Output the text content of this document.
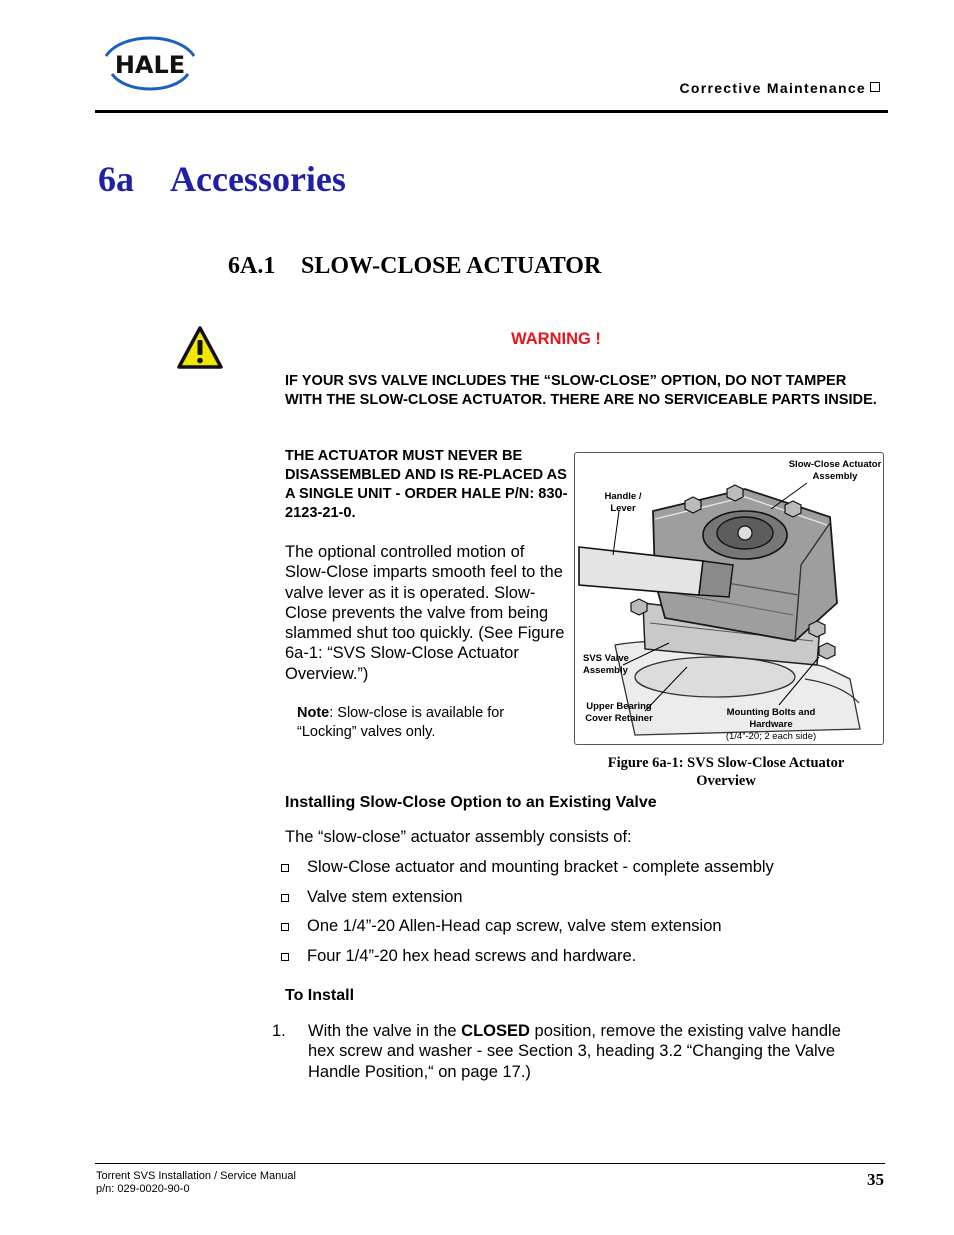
HALE
Corrective Maintenance
6a Accessories
6A.1 SLOW-CLOSE ACTUATOR
WARNING !
IF YOUR SVS VALVE INCLUDES THE “SLOW-CLOSE” OPTION, DO NOT TAMPER WITH THE SLOW-CLOSE ACTUATOR. THERE ARE NO SERVICEABLE PARTS INSIDE.
THE ACTUATOR MUST NEVER BE DISASSEMBLED AND IS RE-PLACED AS A SINGLE UNIT - ORDER HALE P/N: 830-2123-21-0.
The optional controlled motion of Slow-Close imparts smooth feel to the valve lever as it is operated. Slow-Close prevents the valve from being slammed shut too quickly. (See Figure 6a-1: “SVS Slow-Close Actuator Overview.”)
Note: Slow-close is available for “Locking” valves only.
Slow-Close Actuator
Assembly
Handle /
Lever
SVS Valve
Assembly
Upper Bearing
Cover Retainer
Mounting Bolts and
Hardware
(1/4”-20; 2 each side)
Figure 6a-1: SVS Slow-Close Actuator Overview
Installing Slow-Close Option to an Existing Valve
The “slow-close” actuator assembly consists of:
Slow-Close actuator and mounting bracket - complete assembly
Valve stem extension
One 1/4”-20 Allen-Head cap screw, valve stem extension
Four 1/4”-20 hex head screws and hardware.
To Install
1. With the valve in the CLOSED position, remove the existing valve handle hex screw and washer - see Section 3, heading 3.2 “Changing the Valve Handle Position,“ on page 17.)
Torrent SVS Installation / Service Manual
p/n: 029-0020-90-0	35
